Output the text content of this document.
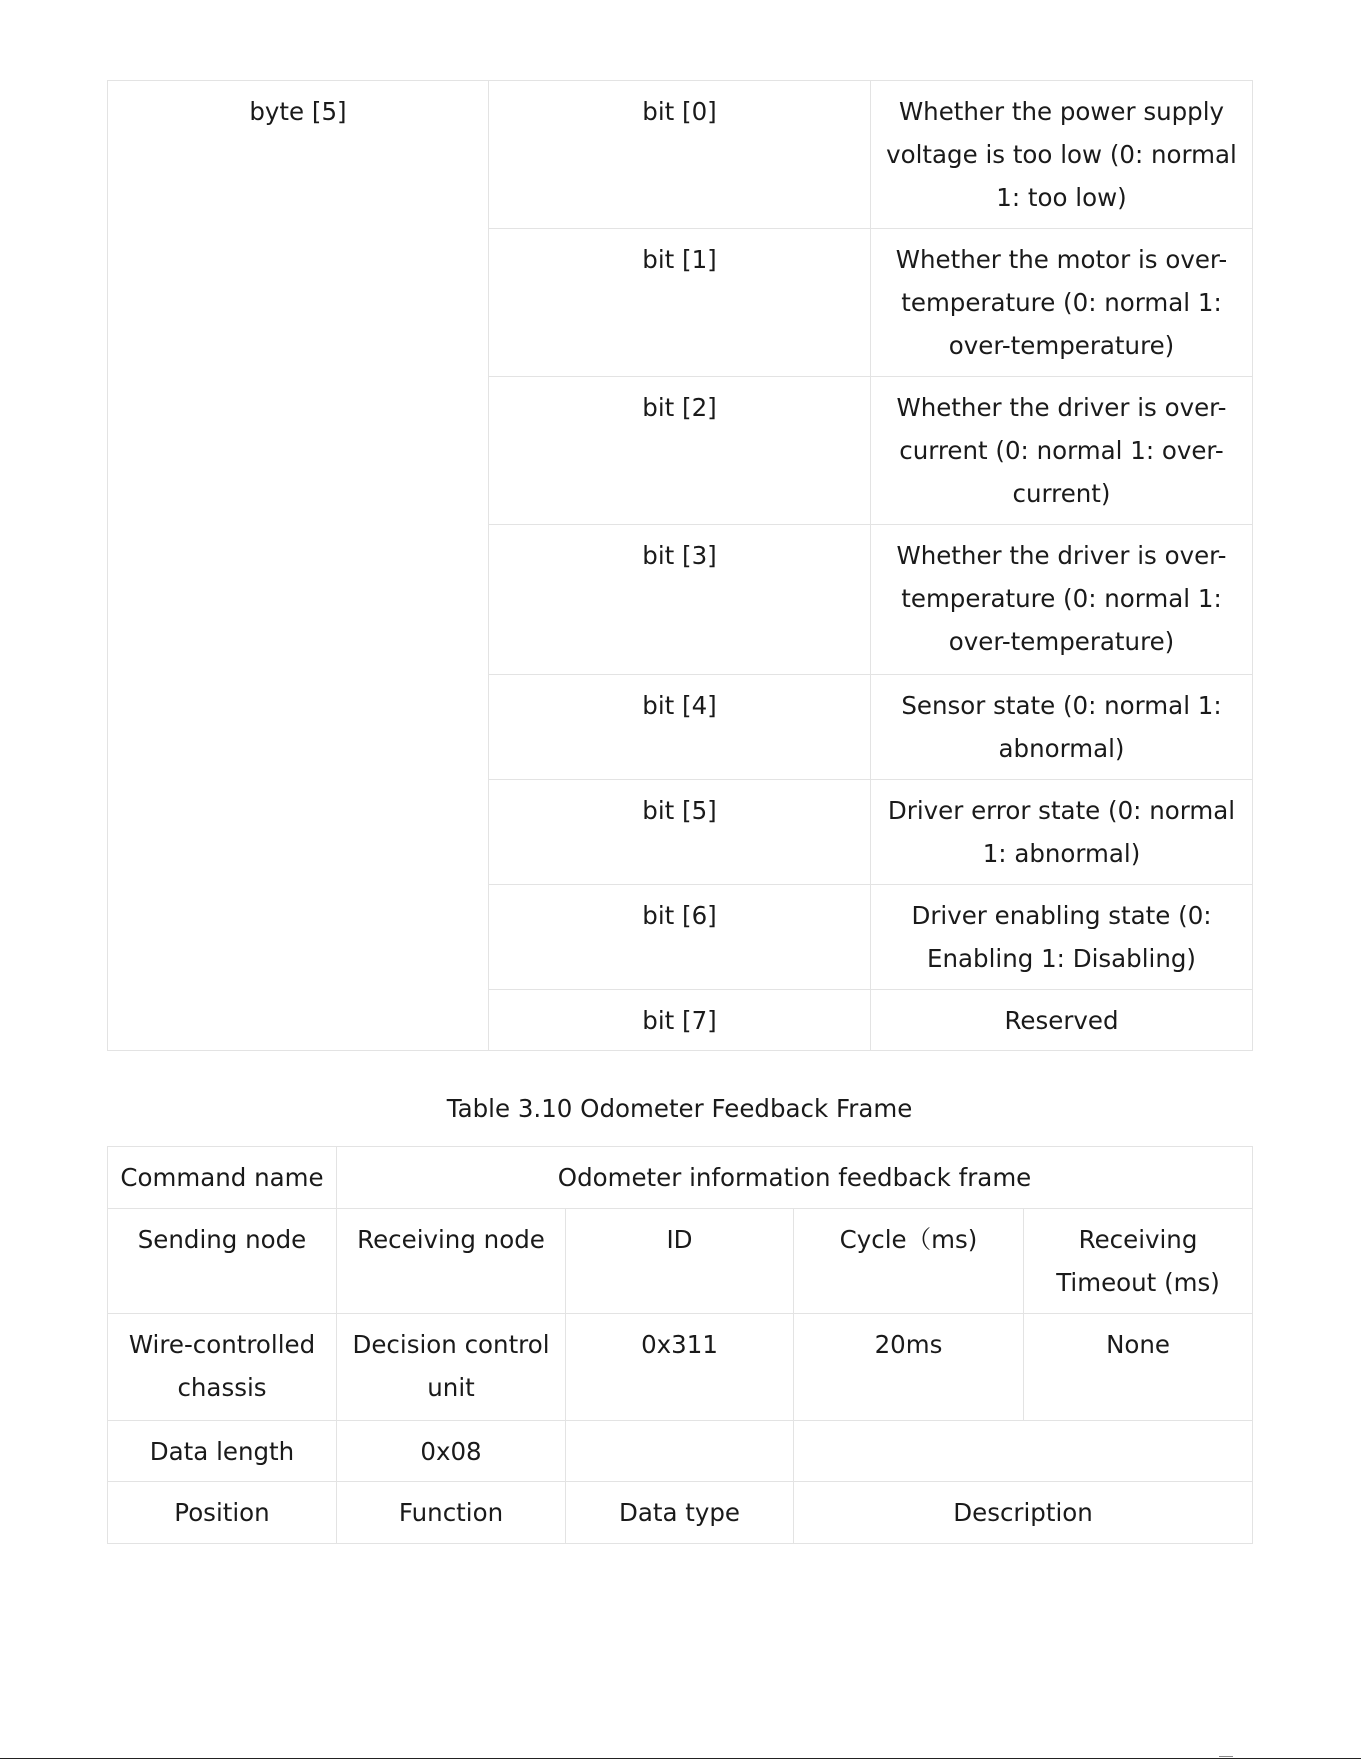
byte [5]	bit [0]	Whether the power supply voltage is too low (0: normal 1: too low)
	bit [1]	Whether the motor is over-temperature (0: normal 1: over-temperature)
	bit [2]	Whether the driver is over-current (0: normal 1: over-current)
	bit [3]	Whether the driver is over-temperature (0: normal 1: over-temperature)
	bit [4]	Sensor state (0: normal 1: abnormal)
	bit [5]	Driver error state (0: normal 1: abnormal)
	bit [6]	Driver enabling state (0: Enabling 1: Disabling)
	bit [7]	Reserved
Table 3.10 Odometer Feedback Frame
Command name	Odometer information feedback frame			
Sending node	Receiving node	ID	Cycle（ms)	Receiving Timeout (ms)
Wire-controlled chassis	Decision control unit	0x311	20ms	None
Data length	0x08			
Position	Function	Data type	Description	
